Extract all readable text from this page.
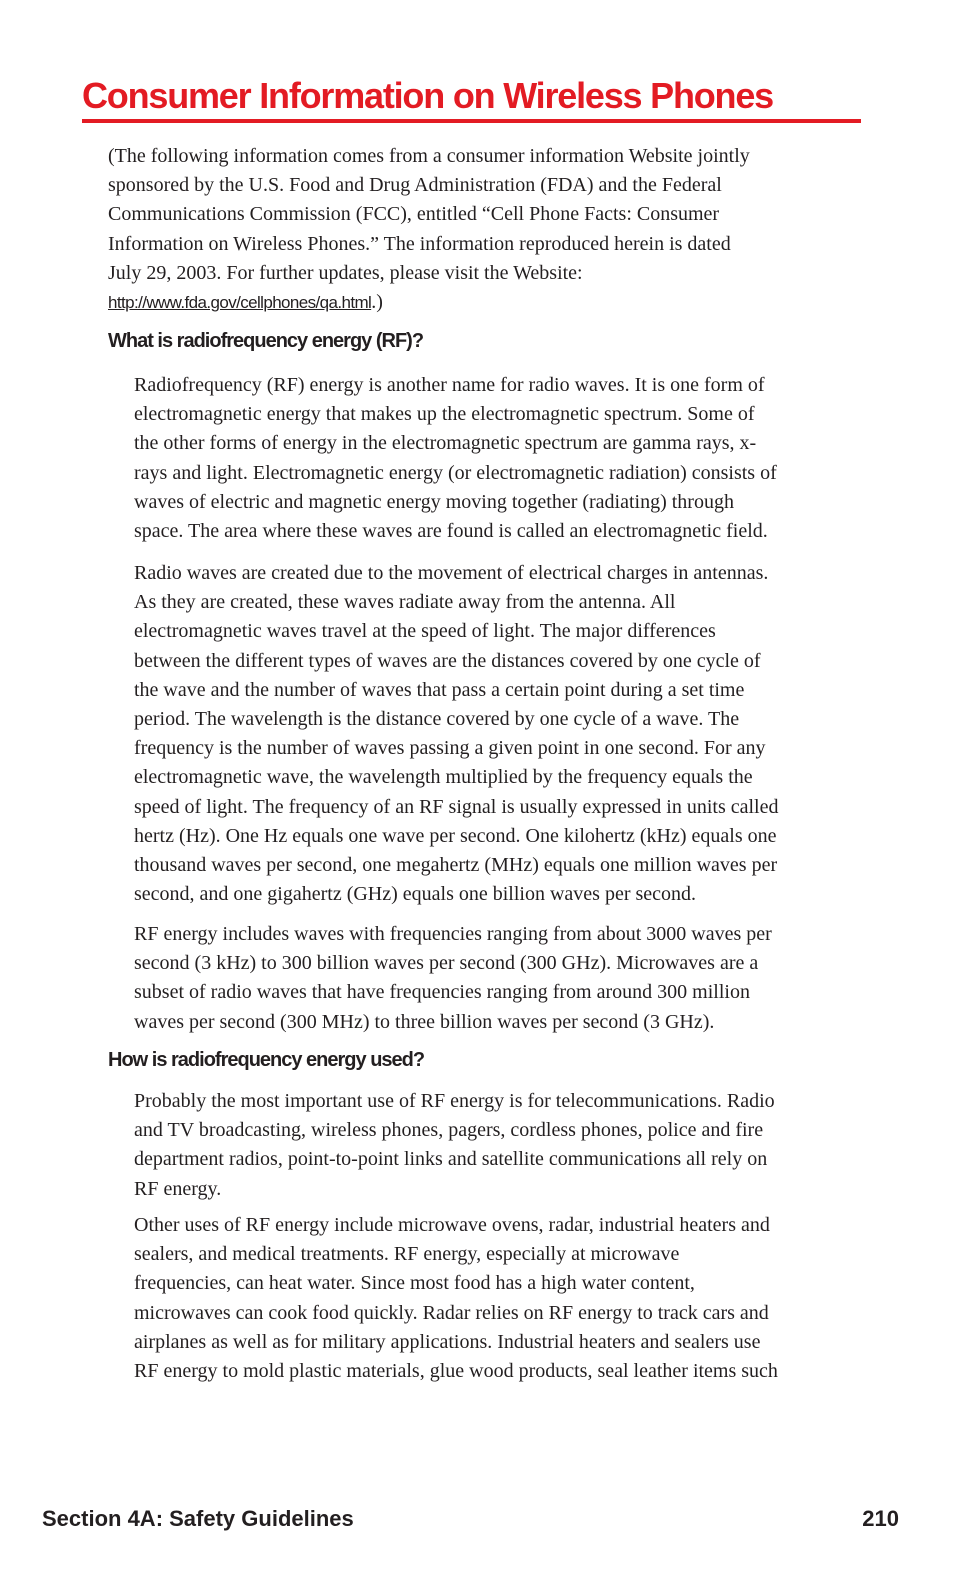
Consumer Information on Wireless Phones
(The following information comes from a consumer information Website jointly
sponsored by the U.S. Food and Drug Administration (FDA) and the Federal
Communications Commission (FCC), entitled “Cell Phone Facts: Consumer
Information on Wireless Phones.” The information reproduced herein is dated
July 29, 2003. For further updates, please visit the Website:
http://www.fda.gov/cellphones/qa.html.)
What is radiofrequency energy (RF)?
Radiofrequency (RF) energy is another name for radio waves. It is one form of
electromagnetic energy that makes up the electromagnetic spectrum. Some of
the other forms of energy in the electromagnetic spectrum are gamma rays, x-
rays and light. Electromagnetic energy (or electromagnetic radiation) consists of
waves of electric and magnetic energy moving together (radiating) through
space. The area where these waves are found is called an electromagnetic field.
Radio waves are created due to the movement of electrical charges in antennas.
As they are created, these waves radiate away from the antenna. All
electromagnetic waves travel at the speed of light. The major differences
between the different types of waves are the distances covered by one cycle of
the wave and the number of waves that pass a certain point during a set time
period. The wavelength is the distance covered by one cycle of a wave. The
frequency is the number of waves passing a given point in one second. For any
electromagnetic wave, the wavelength multiplied by the frequency equals the
speed of light. The frequency of an RF signal is usually expressed in units called
hertz (Hz). One Hz equals one wave per second. One kilohertz (kHz) equals one
thousand waves per second, one megahertz (MHz) equals one million waves per
second, and one gigahertz (GHz) equals one billion waves per second.
RF energy includes waves with frequencies ranging from about 3000 waves per
second (3 kHz) to 300 billion waves per second (300 GHz). Microwaves are a
subset of radio waves that have frequencies ranging from around 300 million
waves per second (300 MHz) to three billion waves per second (3 GHz).
How is radiofrequency energy used?
Probably the most important use of RF energy is for telecommunications. Radio
and TV broadcasting, wireless phones, pagers, cordless phones, police and fire
department radios, point-to-point links and satellite communications all rely on
RF energy.
Other uses of RF energy include microwave ovens, radar, industrial heaters and
sealers, and medical treatments. RF energy, especially at microwave
frequencies, can heat water. Since most food has a high water content,
microwaves can cook food quickly. Radar relies on RF energy to track cars and
airplanes as well as for military applications. Industrial heaters and sealers use
RF energy to mold plastic materials, glue wood products, seal leather items such
Section 4A: Safety Guidelines	210
